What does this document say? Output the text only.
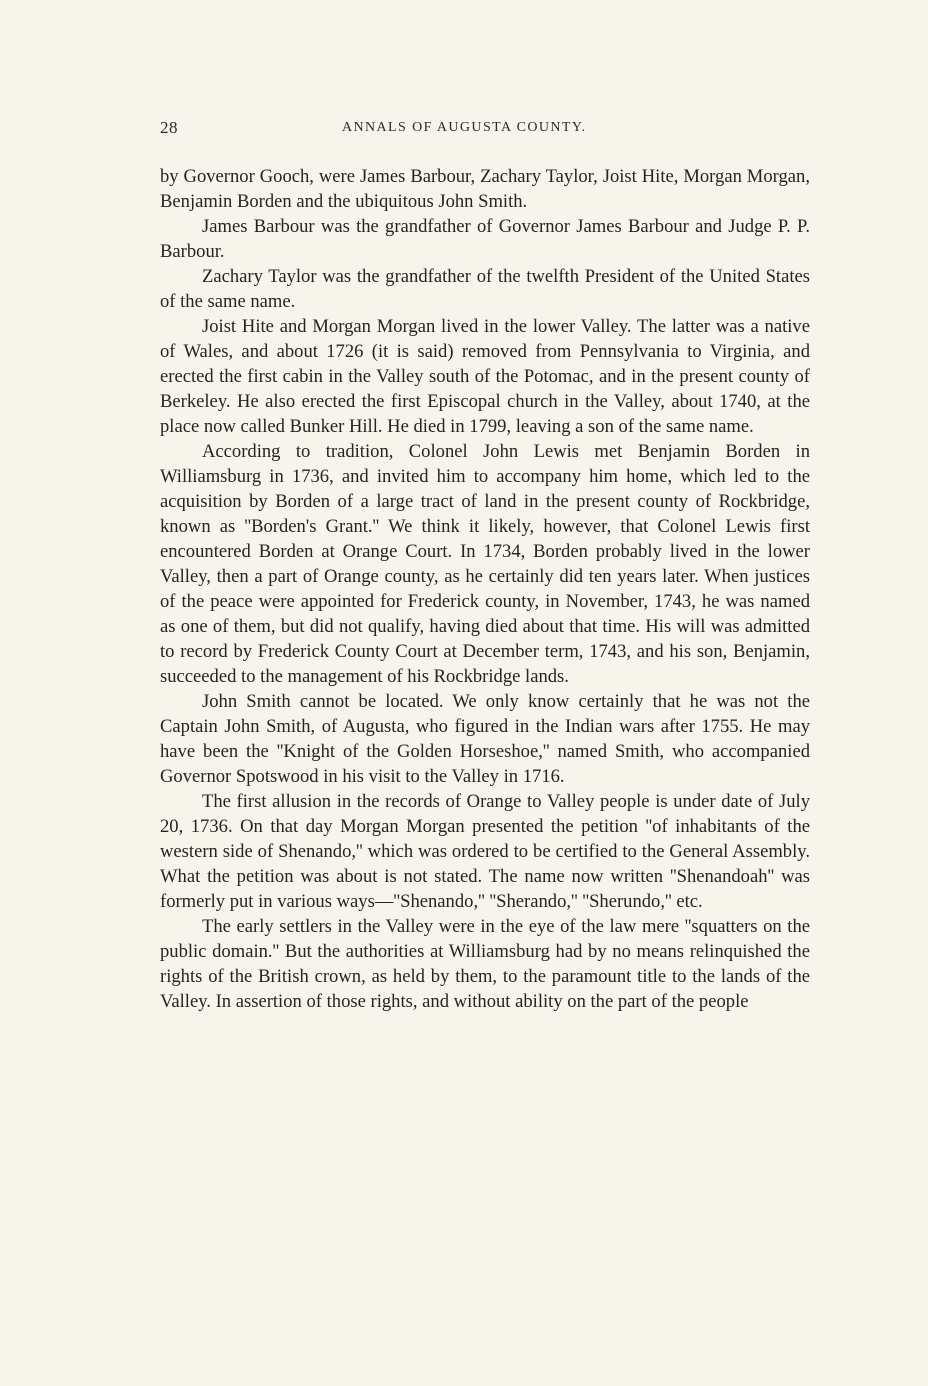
28	ANNALS OF AUGUSTA COUNTY.

by Governor Gooch, were James Barbour, Zachary Taylor, Joist Hite, Morgan Morgan, Benjamin Borden and the ubiquitous John Smith.

James Barbour was the grandfather of Governor James Barbour and Judge P. P. Barbour.

Zachary Taylor was the grandfather of the twelfth President of the United States of the same name.

Joist Hite and Morgan Morgan lived in the lower Valley. The latter was a native of Wales, and about 1726 (it is said) removed from Pennsylvania to Virginia, and erected the first cabin in the Valley south of the Potomac, and in the present county of Berkeley. He also erected the first Episcopal church in the Valley, about 1740, at the place now called Bunker Hill. He died in 1799, leaving a son of the same name.

According to tradition, Colonel John Lewis met Benjamin Borden in Williamsburg in 1736, and invited him to accompany him home, which led to the acquisition by Borden of a large tract of land in the present county of Rockbridge, known as ''Borden's Grant.'' We think it likely, however, that Colonel Lewis first encountered Borden at Orange Court. In 1734, Borden probably lived in the lower Valley, then a part of Orange county, as he certainly did ten years later. When justices of the peace were appointed for Frederick county, in November, 1743, he was named as one of them, but did not qualify, having died about that time. His will was admitted to record by Frederick County Court at December term, 1743, and his son, Benjamin, succeeded to the management of his Rockbridge lands.

John Smith cannot be located. We only know certainly that he was not the Captain John Smith, of Augusta, who figured in the Indian wars after 1755. He may have been the ''Knight of the Golden Horseshoe,'' named Smith, who accompanied Governor Spotswood in his visit to the Valley in 1716.

The first allusion in the records of Orange to Valley people is under date of July 20, 1736. On that day Morgan Morgan presented the petition ''of inhabitants of the western side of Shenando,'' which was ordered to be certified to the General Assembly. What the petition was about is not stated. The name now written ''Shenandoah'' was formerly put in various ways—''Shenando,'' ''Sherando,'' ''Sherundo,'' etc.

The early settlers in the Valley were in the eye of the law mere ''squatters on the public domain.'' But the authorities at Williamsburg had by no means relinquished the rights of the British crown, as held by them, to the paramount title to the lands of the Valley. In assertion of those rights, and without ability on the part of the people
